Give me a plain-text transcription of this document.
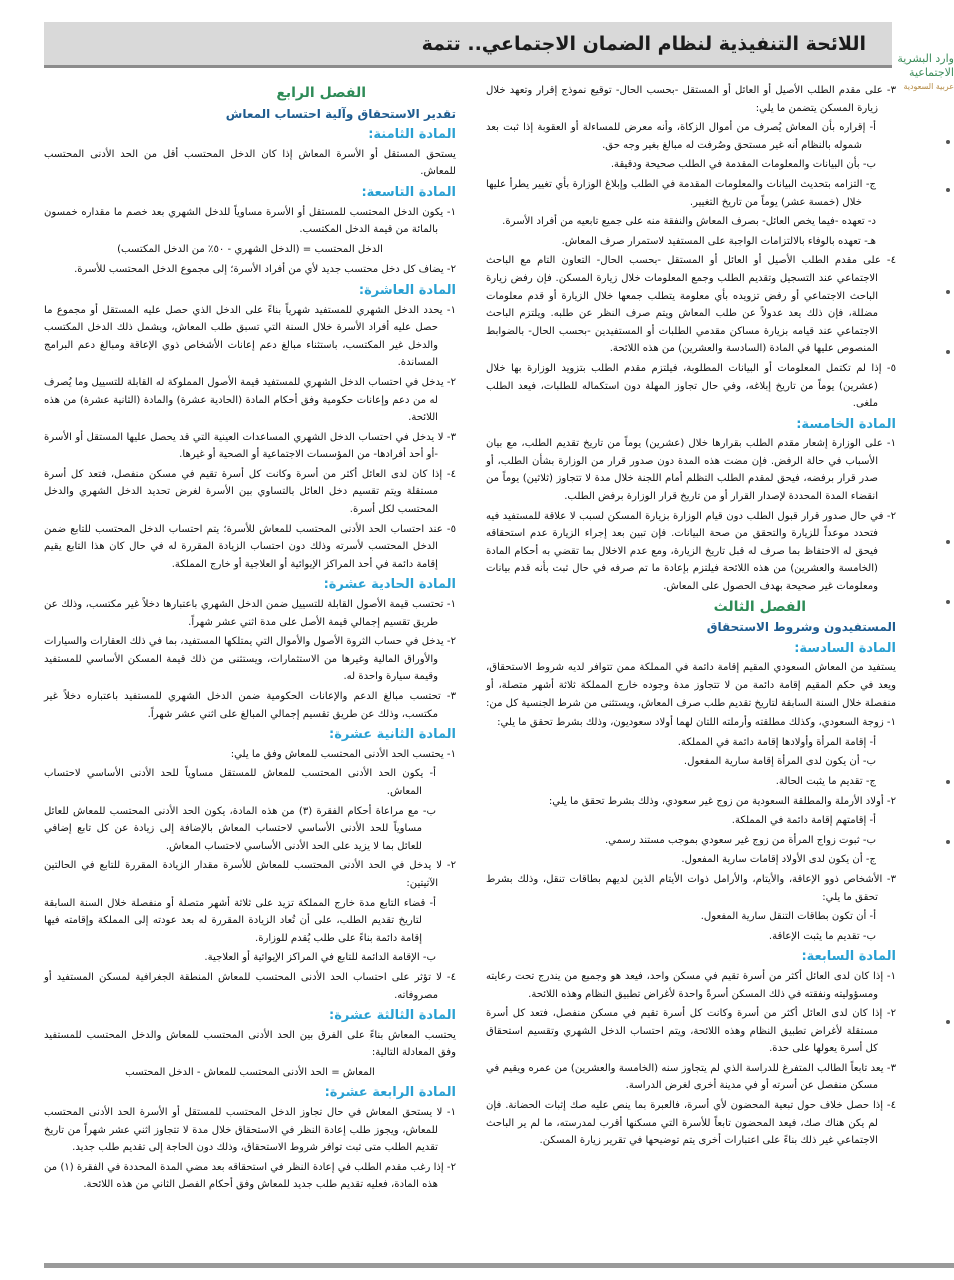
اللائحة التنفيذية لنظام الضمان الاجتماعي.. تتمة
وارد البشرية
الاجتماعية
عربية السعودية

٣- على مقدم الطلب الأصيل أو العائل أو المستقل -بحسب الحال- توقيع نموذج إقرار وتعهد خلال زيارة المسكن يتضمن ما يلي:

أ- إقراره بأن المعاش يُصرف من أموال الزكاة، وأنه معرض للمساءلة أو العقوبة إذا ثبت بعد شموله بالنظام أنه غير مستحق وصُرفت له مبالغ بغير وجه حق.

ب- بأن البيانات والمعلومات المقدمة في الطلب صحيحة ودقيقة.

ج- التزامه بتحديث البيانات والمعلومات المقدمة في الطلب وإبلاغ الوزارة بأي تغيير يطرأ عليها خلال (خمسة عشر) يوماً من تاريخ التغيير.

د- تعهده -فيما يخص العائل- بصرف المعاش والنفقة منه على جميع تابعيه من أفراد الأسرة.

هـ- تعهده بالوفاء بالالتزامات الواجبة على المستفيد لاستمرار صرف المعاش.

٤- على مقدم الطلب الأصيل أو العائل أو المستقل -بحسب الحال- التعاون التام مع الباحث الاجتماعي عند التسجيل وتقديم الطلب وجمع المعلومات خلال زيارة المسكن. فإن رفض زيارة الباحث الاجتماعي أو رفض تزويده بأي معلومة يتطلب جمعها خلال الزيارة أو قدم معلومات مضللة، فإن ذلك يعد عدولاً عن طلب المعاش ويتم صرف النظر عن طلبه. ويلتزم الباحث الاجتماعي عند قيامه بزيارة مساكن مقدمي الطلبات أو المستفيدين -بحسب الحال- بالضوابط المنصوص عليها في المادة (السادسة والعشرين) من هذه اللائحة.

٥- إذا لم تكتمل المعلومات أو البيانات المطلوبة، فيلتزم مقدم الطلب بتزويد الوزارة بها خلال (عشرين) يوماً من تاريخ إبلاغه، وفي حال تجاوز المهلة دون استكماله للطلبات، فيعد الطلب ملغى.

المادة الخامسة:

١- على الوزارة إشعار مقدم الطلب بقرارها خلال (عشرين) يوماً من تاريخ تقديم الطلب، مع بيان الأسباب في حالة الرفض. فإن مضت هذه المدة دون صدور قرار من الوزارة بشأن الطلب، أو صدر قرار برفضه، فيحق لمقدم الطلب التظلم أمام اللجنة خلال مدة لا تتجاوز (ثلاثين) يوماً من انقضاء المدة المحددة لإصدار القرار أو من تاريخ قرار الوزارة برفض الطلب.

٢- في حال صدور قرار قبول الطلب دون قيام الوزارة بزيارة المسكن لسبب لا علاقة للمستفيد فيه فتحدد موعداً للزيارة والتحقق من صحة البيانات. فإن تبين بعد إجراء الزيارة عدم استحقاقه فيحق له الاحتفاظ بما صرف له قبل تاريخ الزيارة، ومع عدم الاخلال بما تقضي به أحكام المادة (الخامسة والعشرين) من هذه اللائحة فيلتزم بإعادة ما تم صرفه في حال ثبت بأنه قدم بيانات ومعلومات غير صحيحة بهدف الحصول على المعاش.

الفصل الثالث
المستفيدون وشروط الاستحقاق
المادة السادسة:

يستفيد من المعاش السعودي المقيم إقامة دائمة في المملكة ممن تتوافر لديه شروط الاستحقاق، ويعد في حكم المقيم إقامة دائمة من لا تتجاوز مدة وجوده خارج المملكة ثلاثة أشهر متصلة، أو منفصلة خلال السنة السابقة لتاريخ تقديم طلب صرف المعاش، ويستثنى من شرط الجنسية كل من:

١- زوجة السعودي، وكذلك مطلقته وأرملته اللتان لهما أولاد سعوديون، وذلك بشرط تحقق ما يلي:

أ- إقامة المرأة وأولادها إقامة دائمة في المملكة.

ب- أن يكون لدى المرأة إقامة سارية المفعول.

ج- تقديم ما يثبت الحالة.

٢- أولاد الأرملة والمطلقة السعودية من زوج غير سعودي، وذلك بشرط تحقق ما يلي:

أ- إقامتهم إقامة دائمة في المملكة.

ب- ثبوت زواج المرأة من زوج غير سعودي بموجب مستند رسمي.

ج- أن يكون لدى الأولاد إقامات سارية المفعول.

٣- الأشخاص ذوو الإعاقة، والأيتام، والأرامل ذوات الأيتام الذين لديهم بطاقات تنقل، وذلك بشرط تحقق ما يلي:

أ- أن تكون بطاقات التنقل سارية المفعول.

ب- تقديم ما يثبت الإعاقة.

المادة السابعة:

١- إذا كان لدى العائل أكثر من أسرة تقيم في مسكن واحد، فيعد هو وجميع من يندرج تحت رعايته ومسؤوليته ونفقته في ذلك المسكن أسرةً واحدة لأغراض تطبيق النظام وهذه اللائحة.

٢- إذا كان لدى العائل أكثر من أسرة وكانت كل أسرة تقيم في مسكن منفصل، فتعد كل أسرة مستقلة لأغراض تطبيق النظام وهذه اللائحة، ويتم احتساب الدخل الشهري وتقسيم استحقاق كل أسرة يعولها على حدة.

٣- يعد تابعاً الطالب المتفرغ للدراسة الذي لم يتجاوز سنه (الخامسة والعشرين) من عمره ويقيم في مسكن منفصل عن أسرته أو في مدينة أخرى لغرض الدراسة.

٤- إذا حصل خلاف حول تبعية المحضون لأي أسرة، فالعبرة بما ينص عليه صك إثبات الحضانة. فإن لم يكن هناك صك، فيعد المحضون تابعاً للأسرة التي مسكنها أقرب لمدرسته، ما لم ير الباحث الاجتماعي غير ذلك بناءً على اعتبارات أخرى يتم توضيحها في تقرير زيارة المسكن.

الفصل الرابع
تقدير الاستحقاق وآلية احتساب المعاش
المادة الثامنة:

يستحق المستقل أو الأسرة المعاش إذا كان الدخل المحتسب أقل من الحد الأدنى المحتسب للمعاش.

المادة التاسعة:

١- يكون الدخل المحتسب للمستقل أو الأسرة مساوياً للدخل الشهري بعد خصم ما مقداره خمسون بالمائة من قيمة الدخل المكتسب.

الدخل المحتسب = (الدخل الشهري - ٥٠٪ من الدخل المكتسب)

٢- يضاف كل دخل محتسب جديد لأي من أفراد الأسرة؛ إلى مجموع الدخل المحتسب للأسرة.

المادة العاشرة:

١- يحدد الدخل الشهري للمستفيد شهرياً بناءً على الدخل الذي حصل عليه المستقل أو مجموع ما حصل عليه أفراد الأسرة خلال السنة التي تسبق طلب المعاش، ويشمل ذلك الدخل المكتسب والدخل غير المكتسب، باستثناء مبالغ دعم إعانات الأشخاص ذوي الإعاقة ومبالغ دعم البرامج المساندة.

٢- يدخل في احتساب الدخل الشهري للمستفيد قيمة الأصول المملوكة له القابلة للتسييل وما يُصرف له من دعم وإعانات حكومية وفق أحكام المادة (الحادية عشرة) والمادة (الثانية عشرة) من هذه اللائحة.

٣- لا يدخل في احتساب الدخل الشهري المساعدات العينية التي قد يحصل عليها المستقل أو الأسرة -أو أحد أفرادها- من المؤسسات الاجتماعية أو الصحية أو غيرها.

٤- إذا كان لدى العائل أكثر من أسرة وكانت كل أسرة تقيم في مسكن منفصل، فتعد كل أسرة مستقلة ويتم تقسيم دخل العائل بالتساوي بين الأسرة لغرض تحديد الدخل الشهري والدخل المحتسب لكل أسرة.

٥- عند احتساب الحد الأدنى المحتسب للمعاش للأسرة؛ يتم احتساب الدخل المحتسب للتابع ضمن الدخل المحتسب لأسرته وذلك دون احتساب الزيادة المقررة له في حال كان هذا التابع يقيم إقامة دائمة في أحد المراكز الإيوائية أو العلاجية أو خارج المملكة.

المادة الحادية عشرة:

١- تحتسب قيمة الأصول القابلة للتسييل ضمن الدخل الشهري باعتبارها دخلاً غير مكتسب، وذلك عن طريق تقسيم إجمالي قيمة الأصل على مدة اثني عشر شهراً.

٢- يدخل في حساب الثروة الأصول والأموال التي يمتلكها المستفيد، بما في ذلك العقارات والسيارات والأوراق المالية وغيرها من الاستثمارات، ويستثنى من ذلك قيمة المسكن الأساسي للمستفيد وقيمة سيارة واحدة له.

٣- تحتسب مبالغ الدعم والإعانات الحكومية ضمن الدخل الشهري للمستفيد باعتباره دخلاً غير مكتسب، وذلك عن طريق تقسيم إجمالي المبالغ على اثني عشر شهراً.

المادة الثانية عشرة:

١- يحتسب الحد الأدنى المحتسب للمعاش وفق ما يلي:

أ- يكون الحد الأدنى المحتسب للمعاش للمستقل مساوياً للحد الأدنى الأساسي لاحتساب المعاش.

ب- مع مراعاة أحكام الفقرة (٣) من هذه المادة، يكون الحد الأدنى المحتسب للمعاش للعائل مساوياً للحد الأدنى الأساسي لاحتساب المعاش بالإضافة إلى زيادة عن كل تابع إضافي للعائل بما لا يزيد على الحد الأدنى الأساسي لاحتساب المعاش.

٢- لا يدخل في الحد الأدنى المحتسب للمعاش للأسرة مقدار الزيادة المقررة للتابع في الحالتين الآتيتين:

أ- قضاء التابع مدة خارج المملكة تزيد على ثلاثة أشهر متصلة أو منفصلة خلال السنة السابقة لتاريخ تقديم الطلب، على أن تُعاد الزيادة المقررة له بعد عودته إلى المملكة وإقامته فيها إقامة دائمة بناءً على طلب يُقدم للوزارة.

ب- الإقامة الدائمة للتابع في المراكز الإيوائية أو العلاجية.

٤- لا تؤثر على احتساب الحد الأدنى المحتسب للمعاش المنطقة الجغرافية لمسكن المستفيد أو مصروفاته.

المادة الثالثة عشرة:

يحتسب المعاش بناءً على الفرق بين الحد الأدنى المحتسب للمعاش والدخل المحتسب للمستفيد وفق المعادلة التالية:

المعاش = الحد الأدنى المحتسب للمعاش - الدخل المحتسب

المادة الرابعة عشرة:

١- لا يستحق المعاش في حال تجاوز الدخل المحتسب للمستقل أو الأسرة الحد الأدنى المحتسب للمعاش، ويجوز طلب إعادة النظر في الاستحقاق خلال مدة لا تتجاوز اثني عشر شهراً من تاريخ تقديم الطلب متى ثبت توافر شروط الاستحقاق، وذلك دون الحاجة إلى تقديم طلب جديد.

٢- إذا رغب مقدم الطلب في إعادة النظر في استحقاقه بعد مضي المدة المحددة في الفقرة (١) من هذه المادة، فعليه تقديم طلب جديد للمعاش وفق أحكام الفصل الثاني من هذه اللائحة.
